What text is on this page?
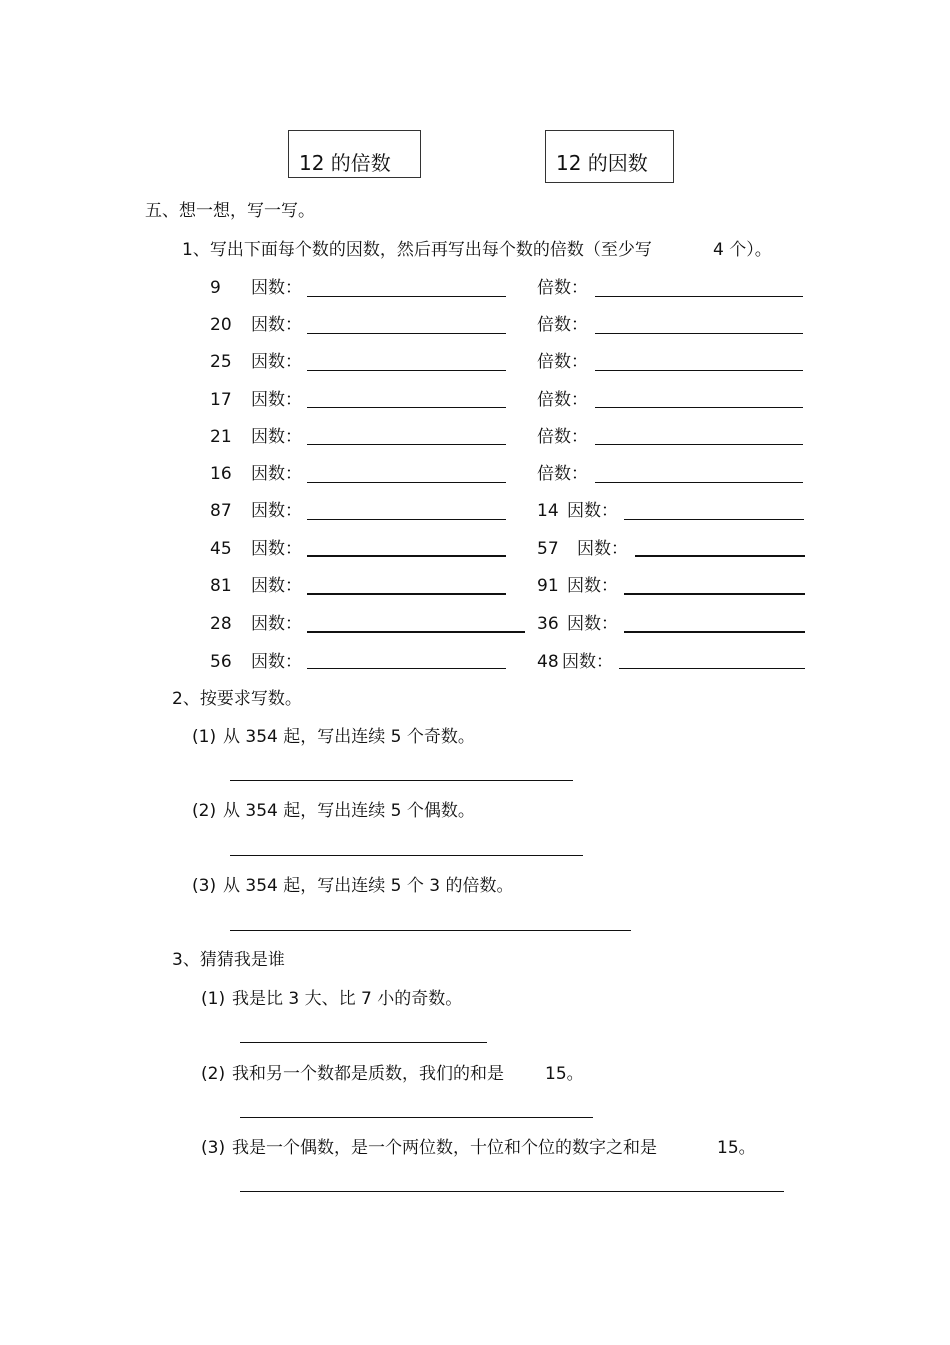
12 的倍数	12 的因数
五、想一想，写一写。
1、写出下面每个数的因数，然后再写出每个数的倍数（至少写	4 个）。
9 因数：	倍数：
20 因数：	倍数：
25 因数：	倍数：
17 因数：	倍数：
21 因数：	倍数：
16 因数：	倍数：
87 因数：	14 因数：
45 因数：	57 因数：
81 因数：	91 因数：
28 因数：	36 因数：
56 因数：	48 因数：
2、按要求写数。
(1) 从 354 起，写出连续 5 个奇数。
(2) 从 354 起，写出连续 5 个偶数。
(3) 从 354 起，写出连续 5 个 3 的倍数。
3、猜猜我是谁
(1) 我是比 3 大、比 7 小的奇数。
(2) 我和另一个数都是质数，我们的和是 15。
(3) 我是一个偶数，是一个两位数，十位和个位的数字之和是	15。
